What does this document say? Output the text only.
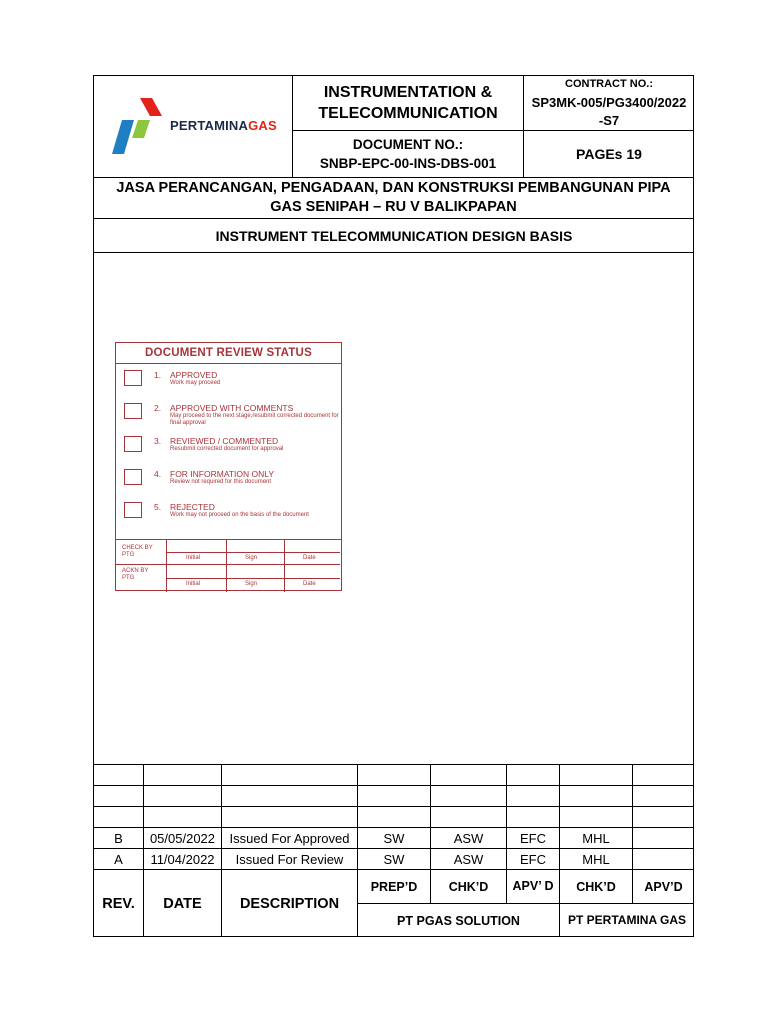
PERTAMINAGAS
INSTRUMENTATION & TELECOMMUNICATION
CONTRACT NO.:
SP3MK-005/PG3400/2022-S7
DOCUMENT NO.:
SNBP-EPC-00-INS-DBS-001
PAGEs 19
JASA PERANCANGAN, PENGADAAN, DAN KONSTRUKSI PEMBANGUNAN PIPA GAS SENIPAH – RU V BALIKPAPAN
INSTRUMENT TELECOMMUNICATION DESIGN BASIS
DOCUMENT REVIEW STATUS
1. APPROVED
Work may proceed
2. APPROVED WITH COMMENTS
May proceed to the next stage,resubmit corrected document for final approval
3. REVIEWED / COMMENTED
Resubmit corrected document for approval
4. FOR INFORMATION ONLY
Review not required for this document
5. REJECTED
Work may not proceed on the basis of the document
CHECK BY PTG	Initial	Sign	Date
ACKN BY PTG
Initial	Sign	Date
B	05/05/2022	Issued For Approved	SW	ASW	EFC	MHL
A	11/04/2022	Issued For Review	SW	ASW	EFC	MHL
REV.	DATE	DESCRIPTION
PREP’D	CHK’D	APV’ D	CHK’D	APV’D
PT PGAS SOLUTION	PT PERTAMINA GAS
